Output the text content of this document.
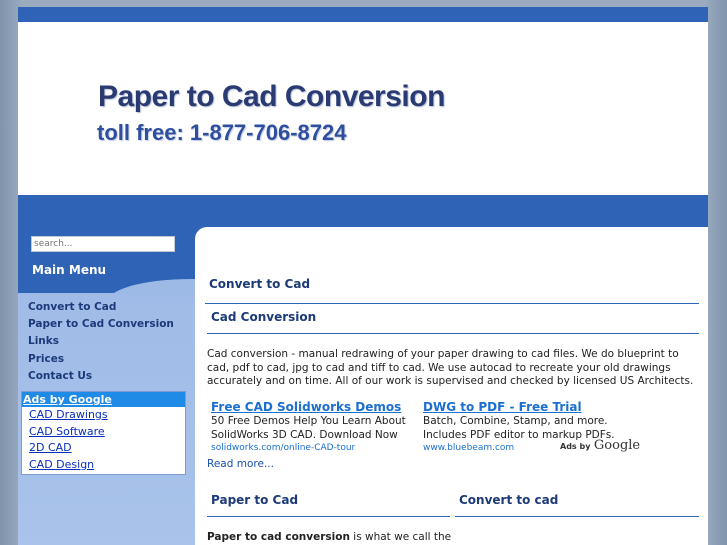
Paper to Cad Conversion
toll free: 1-877-706-8724
search...
Main Menu
Convert to Cad
Paper to Cad Conversion
Links
Prices
Contact Us
Ads by Google
CAD Drawings
CAD Software
2D CAD
CAD Design
Convert to Cad
Cad Conversion
Cad conversion - manual redrawing of your paper drawing to cad files. We do blueprint to cad, pdf to cad, jpg to cad and tiff to cad. We use autocad to recreate your old drawings accurately and on time. All of our work is supervised and checked by licensed US Architects.
Free CAD Solidworks Demos
50 Free Demos Help You Learn About SolidWorks 3D CAD. Download Now
solidworks.com/online-CAD-tour
DWG to PDF - Free Trial
Batch, Combine, Stamp, and more. Includes PDF editor to markup PDFs.
www.bluebeam.com	Ads by Google
Read more...
Paper to Cad	Convert to cad
Paper to cad conversion is what we call the
